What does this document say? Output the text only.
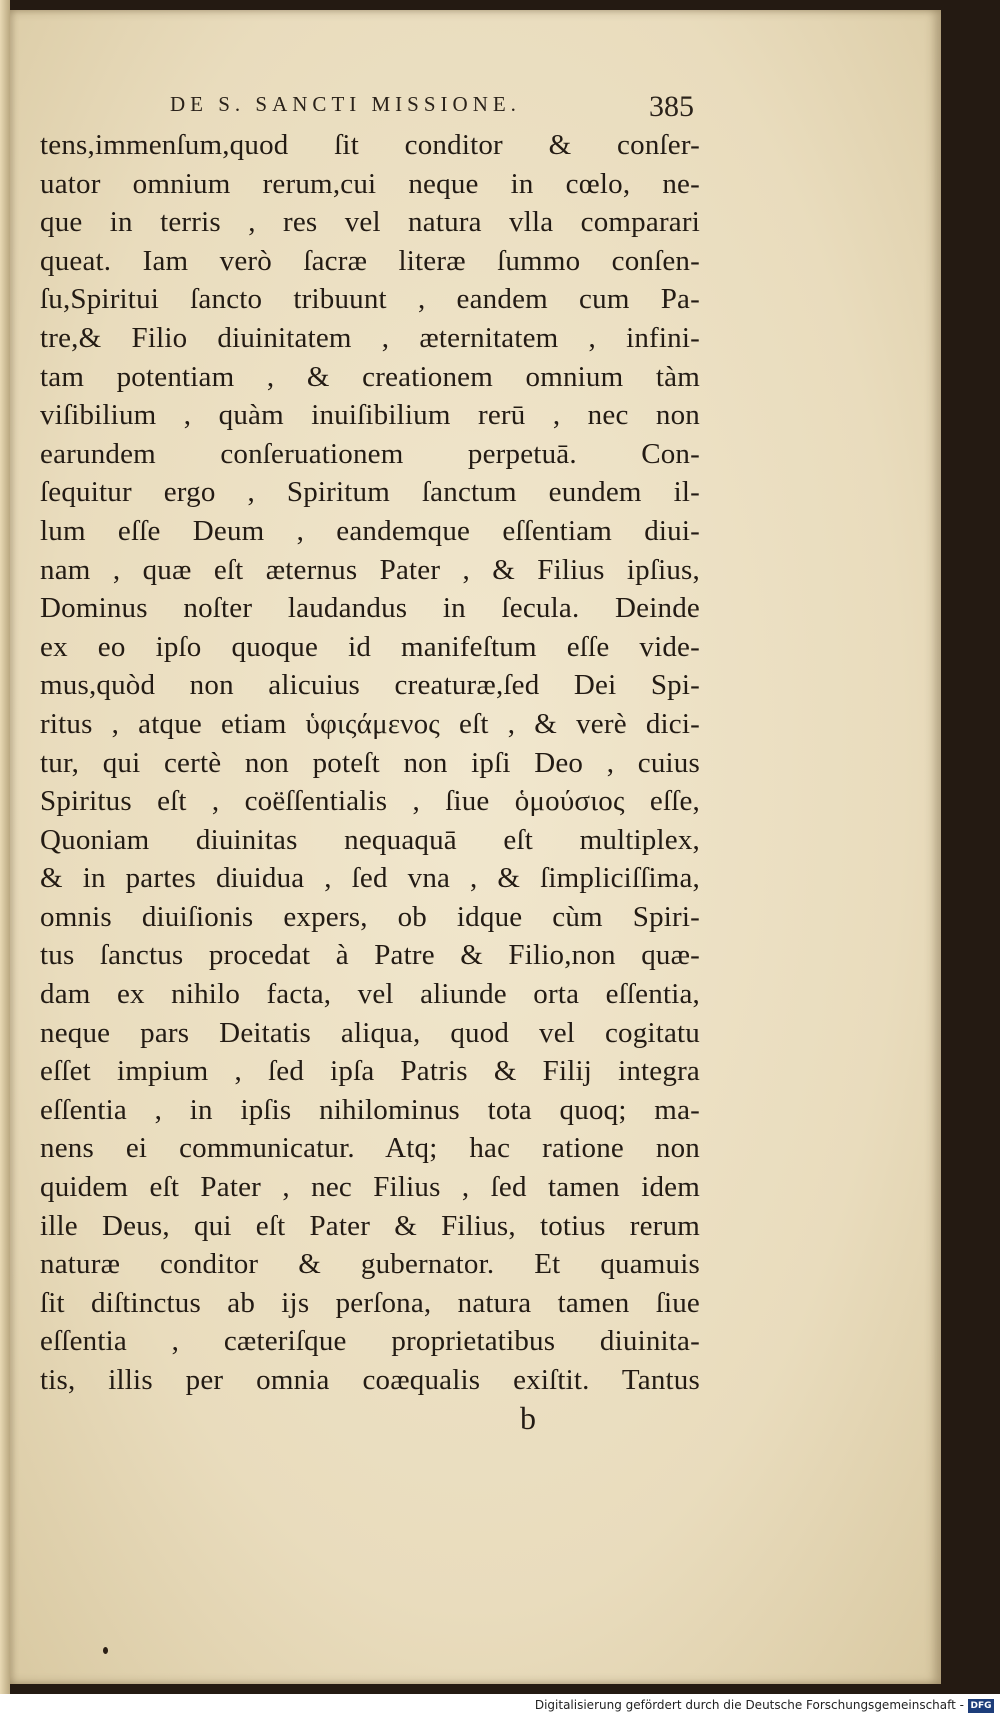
DE S. SANCTI MISSIONE.	385
tens,immenſum,quod ſit conditor & conſer-
uator omnium rerum,cui neque in cœlo, ne-
que in terris , res vel natura vlla comparari
queat. Iam verò ſacræ literæ ſummo conſen-
ſu,Spiritui ſancto tribuunt , eandem cum Pa-
tre,& Filio diuinitatem , æternitatem , infini-
tam potentiam , & creationem omnium tàm
viſibilium , quàm inuiſibilium rerū , nec non
earundem conſeruationem perpetuā. Con-
ſequitur ergo , Spiritum ſanctum eundem il-
lum eſſe Deum , eandemque eſſentiam diui-
nam , quæ eſt æternus Pater , & Filius ipſius,
Dominus noſter laudandus in ſecula. Deinde
ex eo ipſo quoque id manifeſtum eſſe vide-
mus,quòd non alicuius creaturæ,ſed Dei Spi-
ritus , atque etiam ὑφιςάμενος eſt , & verè dici-
tur, qui certè non poteſt non ipſi Deo , cuius
Spiritus eſt , coëſſentialis , ſiue ὁμούσιος eſſe,
Quoniam diuinitas nequaquā eſt multiplex,
& in partes diuidua , ſed vna , & ſimpliciſſima,
omnis diuiſionis expers, ob idque cùm Spiri-
tus ſanctus procedat à Patre & Filio,non quæ-
dam ex nihilo facta, vel aliunde orta eſſentia,
neque pars Deitatis aliqua, quod vel cogitatu
eſſet impium , ſed ipſa Patris & Filij integra
eſſentia , in ipſis nihilominus tota quoq; ma-
nens ei communicatur. Atq; hac ratione non
quidem eſt Pater , nec Filius , ſed tamen idem
ille Deus, qui eſt Pater & Filius, totius rerum
naturæ conditor & gubernator. Et quamuis
ſit diſtinctus ab ijs perſona, natura tamen ſiue
eſſentia , cæteriſque proprietatibus diuinita-
tis, illis per omnia coæqualis exiſtit. Tantus
b
Digitalisierung gefördert durch die Deutsche Forschungsgemeinschaft - DFG
